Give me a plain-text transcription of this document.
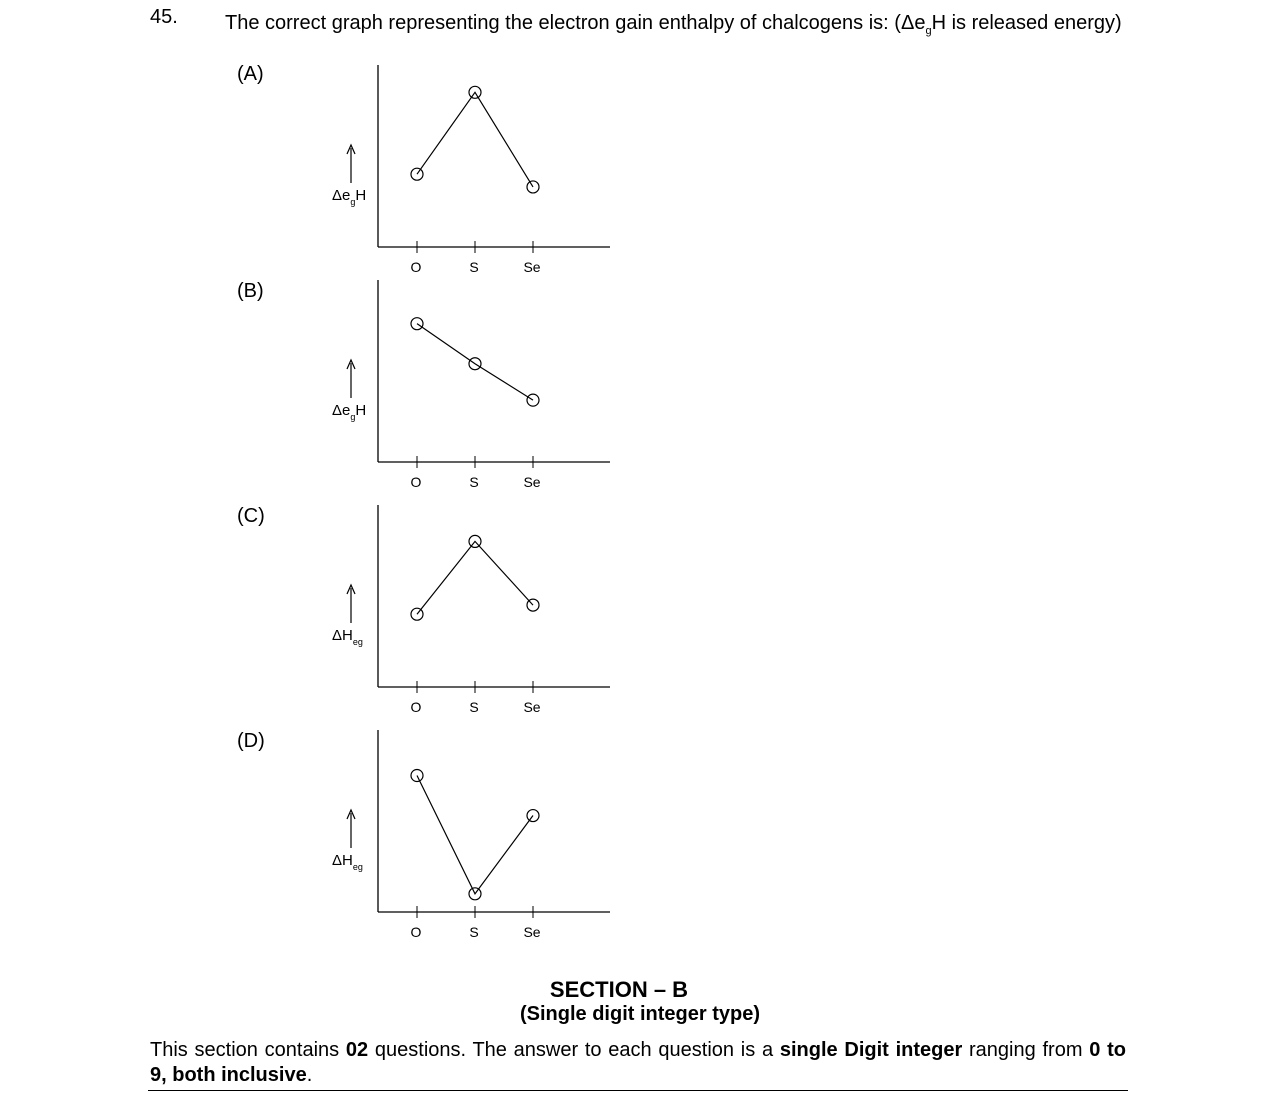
45. The correct graph representing the electron gain enthalpy of chalcogens is: ($\Delta e_gH$ is released energy)
(A)
(B)
(C)
(D)
$\Delta e_gH$
O	S	Se
$\Delta e_gH$
O	S	Se
$\Delta H_{eg}$
O	S	Se
$\Delta H_{eg}$
O	S	Se
SECTION – B
(Single digit integer type)
This section contains 02 questions. The answer to each question is a single Digit integer ranging from 0 to 9, both inclusive.
